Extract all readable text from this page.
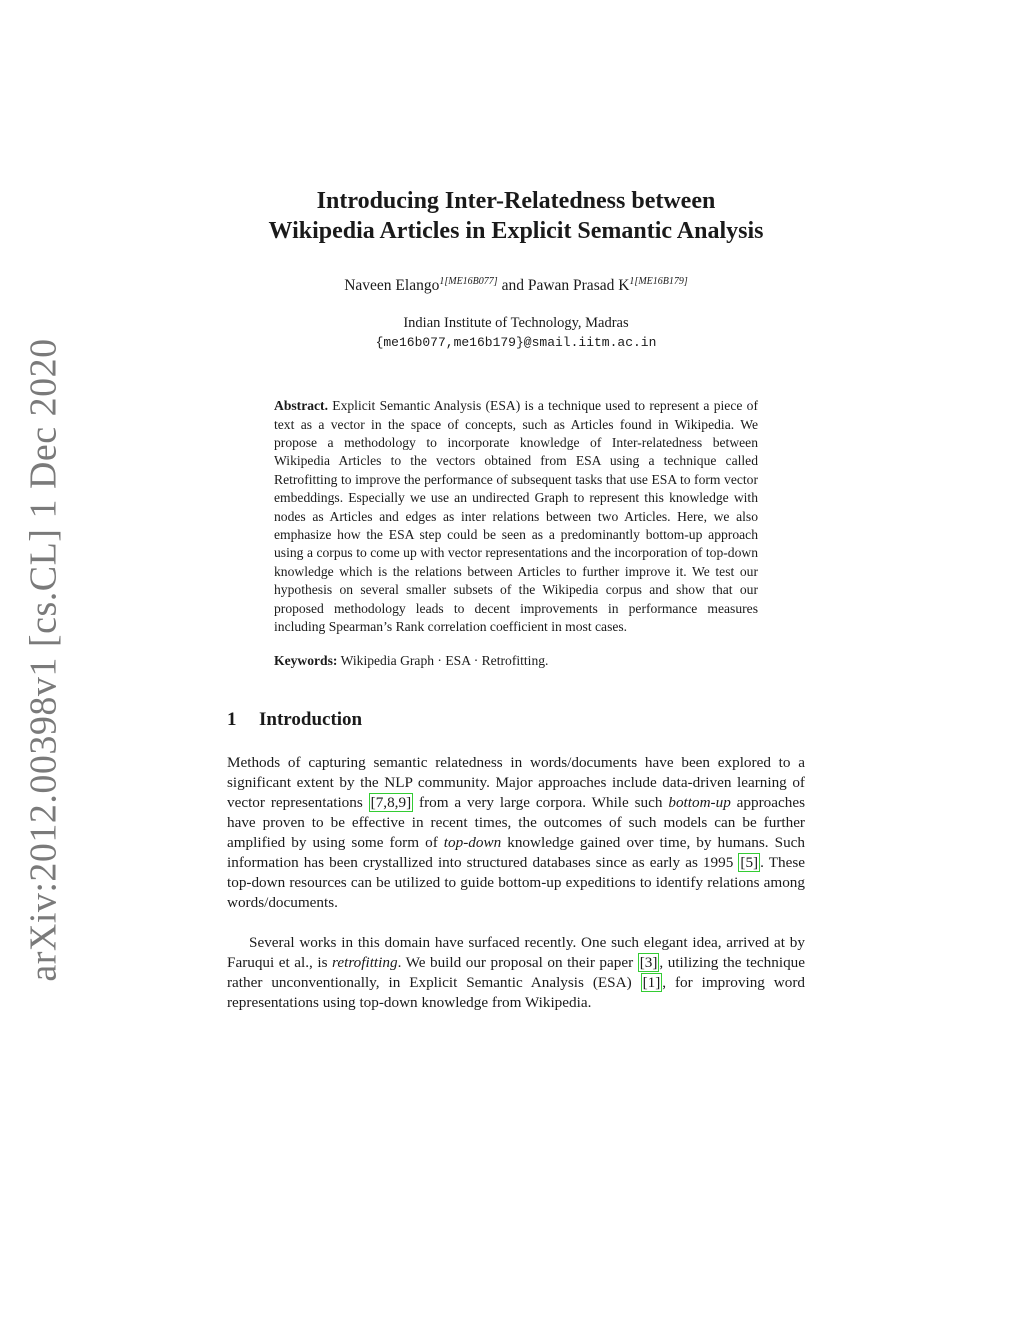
arXiv:2012.00398v1 [cs.CL] 1 Dec 2020
Introducing Inter-Relatedness between
Wikipedia Articles in Explicit Semantic Analysis
Naveen Elango$^{1[ME16B077]}$ and Pawan Prasad $K^{1[ME16B179]}$
Indian Institute of Technology, Madras
{me16b077,me16b179}@smail.iitm.ac.in
Abstract. Explicit Semantic Analysis (ESA) is a technique used to represent a piece of text as a vector in the space of concepts, such as Articles found in Wikipedia. We propose a methodology to incorporate knowledge of Inter-relatedness between Wikipedia Articles to the vectors obtained from ESA using a technique called Retrofitting to improve the performance of subsequent tasks that use ESA to form vector embeddings. Especially we use an undirected Graph to represent this knowledge with nodes as Articles and edges as inter relations between two Articles. Here, we also emphasize how the ESA step could be seen as a predominantly bottom-up approach using a corpus to come up with vector representations and the incorporation of top-down knowledge which is the relations between Articles to further improve it. We test our hypothesis on several smaller subsets of the Wikipedia corpus and show that our proposed methodology leads to decent improvements in performance measures including Spearman’s Rank correlation coefficient in most cases.
Keywords: Wikipedia Graph · ESA · Retrofitting.
1 Introduction

Methods of capturing semantic relatedness in words/documents have been explored to a significant extent by the NLP community. Major approaches include data-driven learning of vector representations [7,8,9] from a very large corpora. While such bottom-up approaches have proven to be effective in recent times, the outcomes of such models can be further amplified by using some form of top-down knowledge gained over time, by humans. Such information has been crystallized into structured databases since as early as 1995 [5] . These top-down resources can be utilized to guide bottom-up expeditions to identify relations among words/documents.

Several works in this domain have surfaced recently. One such elegant idea, arrived at by Faruqui et al., is retrofitting. We build our proposal on their paper [3] , utilizing the technique rather unconventionally, in Explicit Semantic Analysis (ESA) [1] , for improving word representations using top-down knowledge from Wikipedia.
